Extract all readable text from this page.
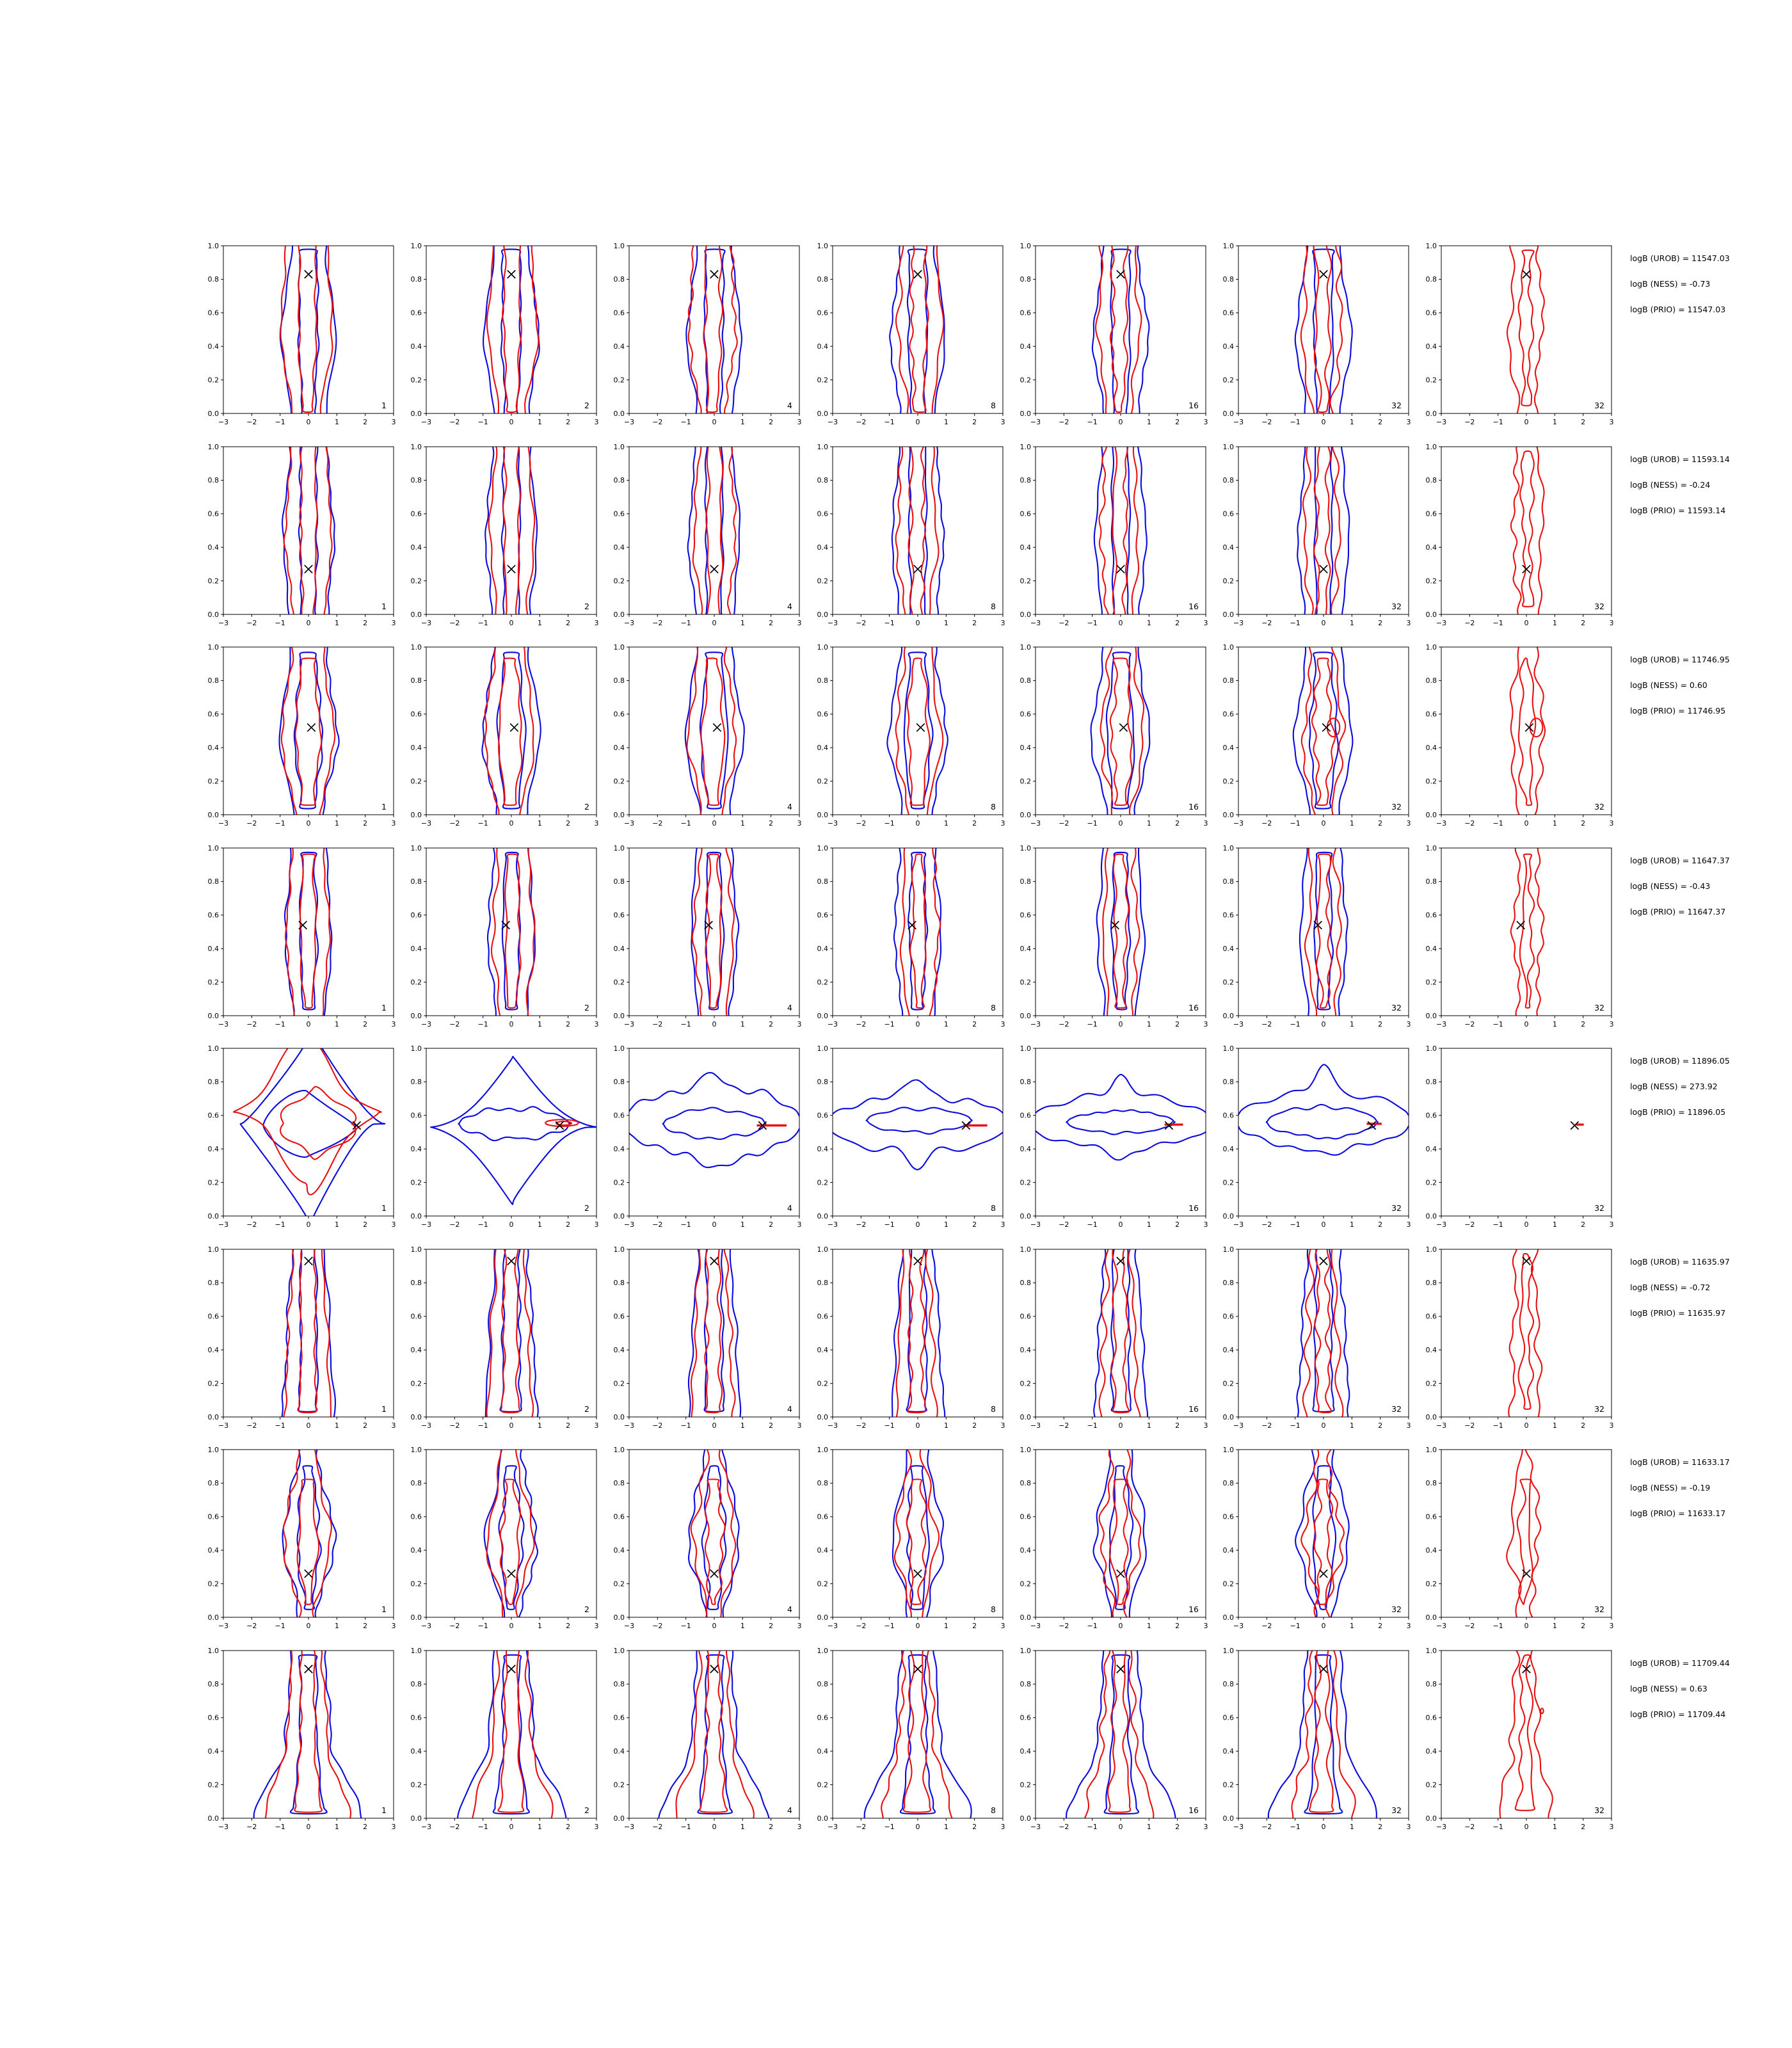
−3	−2	−1	0	1	2	3
0.0
0.2
0.4
0.6
0.8
1.0
1
−3	−2	−1	0	1	2	3
0.0
0.2
0.4
0.6
0.8
1.0
2
−3	−2	−1	0	1	2	3
0.0
0.2
0.4
0.6
0.8
1.0
4
−3	−2	−1	0	1	2	3
0.0
0.2
0.4
0.6
0.8
1.0
8
−3	−2	−1	0	1	2	3
0.0
0.2
0.4
0.6
0.8
1.0
16
−3	−2	−1	0	1	2	3
0.0
0.2
0.4
0.6
0.8
1.0
32
−3	−2	−1	0	1	2	3
0.0
0.2
0.4
0.6
0.8
1.0
32
logB (UROB) = 11547.03
logB (NESS) = -0.73
logB (PRIO) = 11547.03
−3	−2	−1	0	1	2	3
0.0
0.2
0.4
0.6
0.8
1.0
1
−3	−2	−1	0	1	2	3
0.0
0.2
0.4
0.6
0.8
1.0
2
−3	−2	−1	0	1	2	3
0.0
0.2
0.4
0.6
0.8
1.0
4
−3	−2	−1	0	1	2	3
0.0
0.2
0.4
0.6
0.8
1.0
8
−3	−2	−1	0	1	2	3
0.0
0.2
0.4
0.6
0.8
1.0
16
−3	−2	−1	0	1	2	3
0.0
0.2
0.4
0.6
0.8
1.0
32
−3	−2	−1	0	1	2	3
0.0
0.2
0.4
0.6
0.8
1.0
32
logB (UROB) = 11593.14
logB (NESS) = -0.24
logB (PRIO) = 11593.14
−3	−2	−1	0	1	2	3
0.0
0.2
0.4
0.6
0.8
1.0
1
−3	−2	−1	0	1	2	3
0.0
0.2
0.4
0.6
0.8
1.0
2
−3	−2	−1	0	1	2	3
0.0
0.2
0.4
0.6
0.8
1.0
4
−3	−2	−1	0	1	2	3
0.0
0.2
0.4
0.6
0.8
1.0
8
−3	−2	−1	0	1	2	3
0.0
0.2
0.4
0.6
0.8
1.0
16
−3	−2	−1	0	1	2	3
0.0
0.2
0.4
0.6
0.8
1.0
32
−3	−2	−1	0	1	2	3
0.0
0.2
0.4
0.6
0.8
1.0
32
logB (UROB) = 11746.95
logB (NESS) = 0.60
logB (PRIO) = 11746.95
−3	−2	−1	0	1	2	3
0.0
0.2
0.4
0.6
0.8
1.0
1
−3	−2	−1	0	1	2	3
0.0
0.2
0.4
0.6
0.8
1.0
2
−3	−2	−1	0	1	2	3
0.0
0.2
0.4
0.6
0.8
1.0
4
−3	−2	−1	0	1	2	3
0.0
0.2
0.4
0.6
0.8
1.0
8
−3	−2	−1	0	1	2	3
0.0
0.2
0.4
0.6
0.8
1.0
16
−3	−2	−1	0	1	2	3
0.0
0.2
0.4
0.6
0.8
1.0
32
−3	−2	−1	0	1	2	3
0.0
0.2
0.4
0.6
0.8
1.0
32
logB (UROB) = 11647.37
logB (NESS) = -0.43
logB (PRIO) = 11647.37
−3	−2	−1	0	1	2	3
0.0
0.2
0.4
0.6
0.8
1.0
1
−3	−2	−1	0	1	2	3
0.0
0.2
0.4
0.6
0.8
1.0
2
−3	−2	−1	0	1	2	3
0.0
0.2
0.4
0.6
0.8
1.0
4
−3	−2	−1	0	1	2	3
0.0
0.2
0.4
0.6
0.8
1.0
8
−3	−2	−1	0	1	2	3
0.0
0.2
0.4
0.6
0.8
1.0
16
−3	−2	−1	0	1	2	3
0.0
0.2
0.4
0.6
0.8
1.0
32
−3	−2	−1	0	1	2	3
0.0
0.2
0.4
0.6
0.8
1.0
32
logB (UROB) = 11896.05
logB (NESS) = 273.92
logB (PRIO) = 11896.05
−3	−2	−1	0	1	2	3
0.0
0.2
0.4
0.6
0.8
1.0
1
−3	−2	−1	0	1	2	3
0.0
0.2
0.4
0.6
0.8
1.0
2
−3	−2	−1	0	1	2	3
0.0
0.2
0.4
0.6
0.8
1.0
4
−3	−2	−1	0	1	2	3
0.0
0.2
0.4
0.6
0.8
1.0
8
−3	−2	−1	0	1	2	3
0.0
0.2
0.4
0.6
0.8
1.0
16
−3	−2	−1	0	1	2	3
0.0
0.2
0.4
0.6
0.8
1.0
32
−3	−2	−1	0	1	2	3
0.0
0.2
0.4
0.6
0.8
1.0
32
logB (UROB) = 11635.97
logB (NESS) = -0.72
logB (PRIO) = 11635.97
−3	−2	−1	0	1	2	3
0.0
0.2
0.4
0.6
0.8
1.0
1
−3	−2	−1	0	1	2	3
0.0
0.2
0.4
0.6
0.8
1.0
2
−3	−2	−1	0	1	2	3
0.0
0.2
0.4
0.6
0.8
1.0
4
−3	−2	−1	0	1	2	3
0.0
0.2
0.4
0.6
0.8
1.0
8
−3	−2	−1	0	1	2	3
0.0
0.2
0.4
0.6
0.8
1.0
16
−3	−2	−1	0	1	2	3
0.0
0.2
0.4
0.6
0.8
1.0
32
−3	−2	−1	0	1	2	3
0.0
0.2
0.4
0.6
0.8
1.0
32
logB (UROB) = 11633.17
logB (NESS) = -0.19
logB (PRIO) = 11633.17
−3	−2	−1	0	1	2	3
0.0
0.2
0.4
0.6
0.8
1.0
1
−3	−2	−1	0	1	2	3
0.0
0.2
0.4
0.6
0.8
1.0
2
−3	−2	−1	0	1	2	3
0.0
0.2
0.4
0.6
0.8
1.0
4
−3	−2	−1	0	1	2	3
0.0
0.2
0.4
0.6
0.8
1.0
8
−3	−2	−1	0	1	2	3
0.0
0.2
0.4
0.6
0.8
1.0
16
−3	−2	−1	0	1	2	3
0.0
0.2
0.4
0.6
0.8
1.0
32
−3	−2	−1	0	1	2	3
0.0
0.2
0.4
0.6
0.8
1.0
32
logB (UROB) = 11709.44
logB (NESS) = 0.63
logB (PRIO) = 11709.44
